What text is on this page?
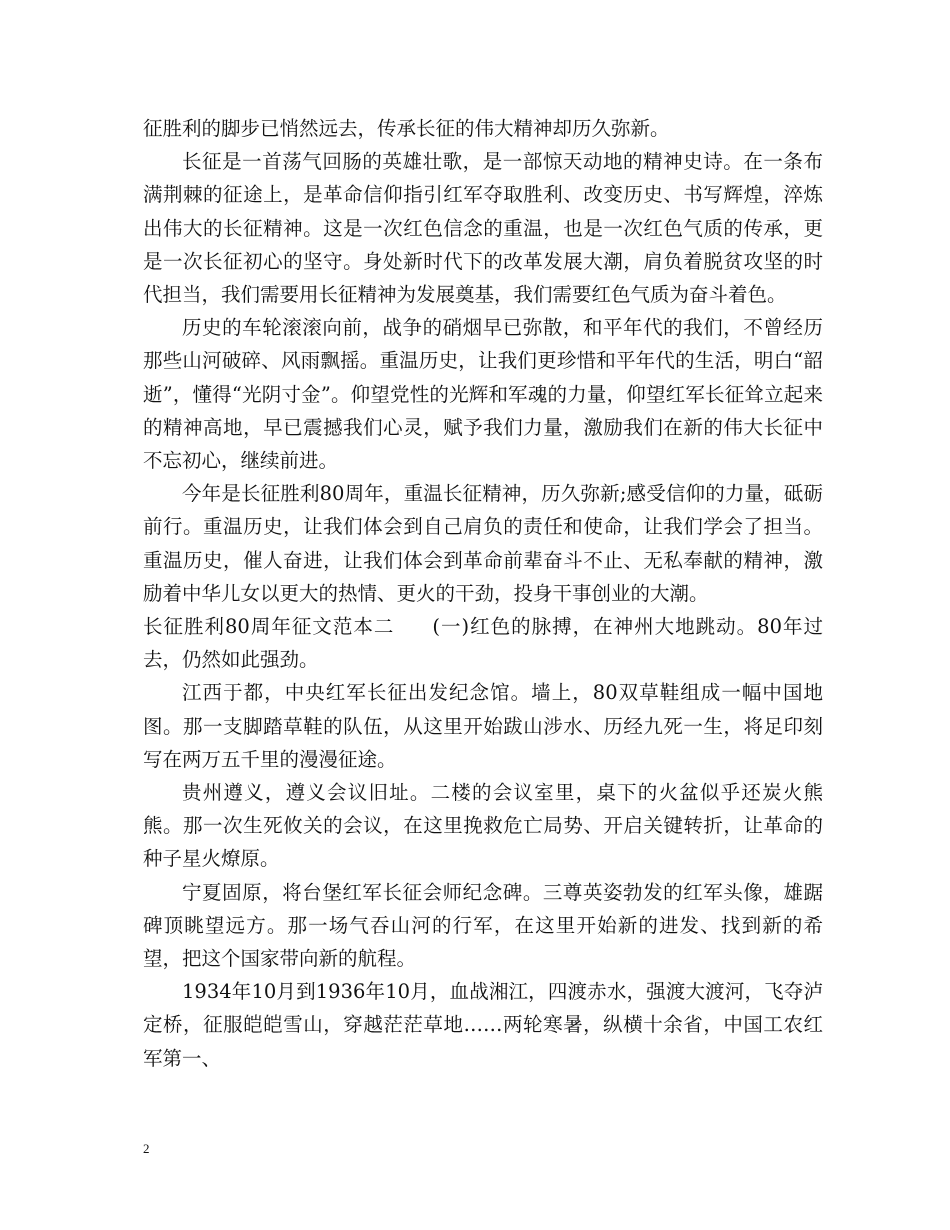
征胜利的脚步已悄然远去，传承长征的伟大精神却历久弥新。

长征是一首荡气回肠的英雄壮歌，是一部惊天动地的精神史诗。在一条布满荆棘的征途上，是革命信仰指引红军夺取胜利、改变历史、书写辉煌，淬炼出伟大的长征精神。这是一次红色信念的重温，也是一次红色气质的传承，更是一次长征初心的坚守。身处新时代下的改革发展大潮，肩负着脱贫攻坚的时代担当，我们需要用长征精神为发展奠基，我们需要红色气质为奋斗着色。

历史的车轮滚滚向前，战争的硝烟早已弥散，和平年代的我们，不曾经历那些山河破碎、风雨飘摇。重温历史，让我们更珍惜和平年代的生活，明白“韶逝”，懂得“光阴寸金”。仰望党性的光辉和军魂的力量，仰望红军长征耸立起来的精神高地，早已震撼我们心灵，赋予我们力量，激励我们在新的伟大长征中不忘初心，继续前进。

今年是长征胜利80周年，重温长征精神，历久弥新;感受信仰的力量，砥砺前行。重温历史，让我们体会到自己肩负的责任和使命，让我们学会了担当。重温历史，催人奋进，让我们体会到革命前辈奋斗不止、无私奉献的精神，激励着中华儿女以更大的热情、更火的干劲，投身干事创业的大潮。

长征胜利80周年征文范本二 (一)红色的脉搏，在神州大地跳动。80年过去，仍然如此强劲。

江西于都，中央红军长征出发纪念馆。墙上，80双草鞋组成一幅中国地图。那一支脚踏草鞋的队伍，从这里开始跋山涉水、历经九死一生，将足印刻写在两万五千里的漫漫征途。

贵州遵义，遵义会议旧址。二楼的会议室里，桌下的火盆似乎还炭火熊熊。那一次生死攸关的会议，在这里挽救危亡局势、开启关键转折，让革命的种子星火燎原。

宁夏固原，将台堡红军长征会师纪念碑。三尊英姿勃发的红军头像，雄踞碑顶眺望远方。那一场气吞山河的行军，在这里开始新的进发、找到新的希望，把这个国家带向新的航程。

1934年10月到1936年10月，血战湘江，四渡赤水，强渡大渡河，飞夺泸定桥，征服皑皑雪山，穿越茫茫草地……两轮寒暑，纵横十余省，中国工农红军第一、

2
